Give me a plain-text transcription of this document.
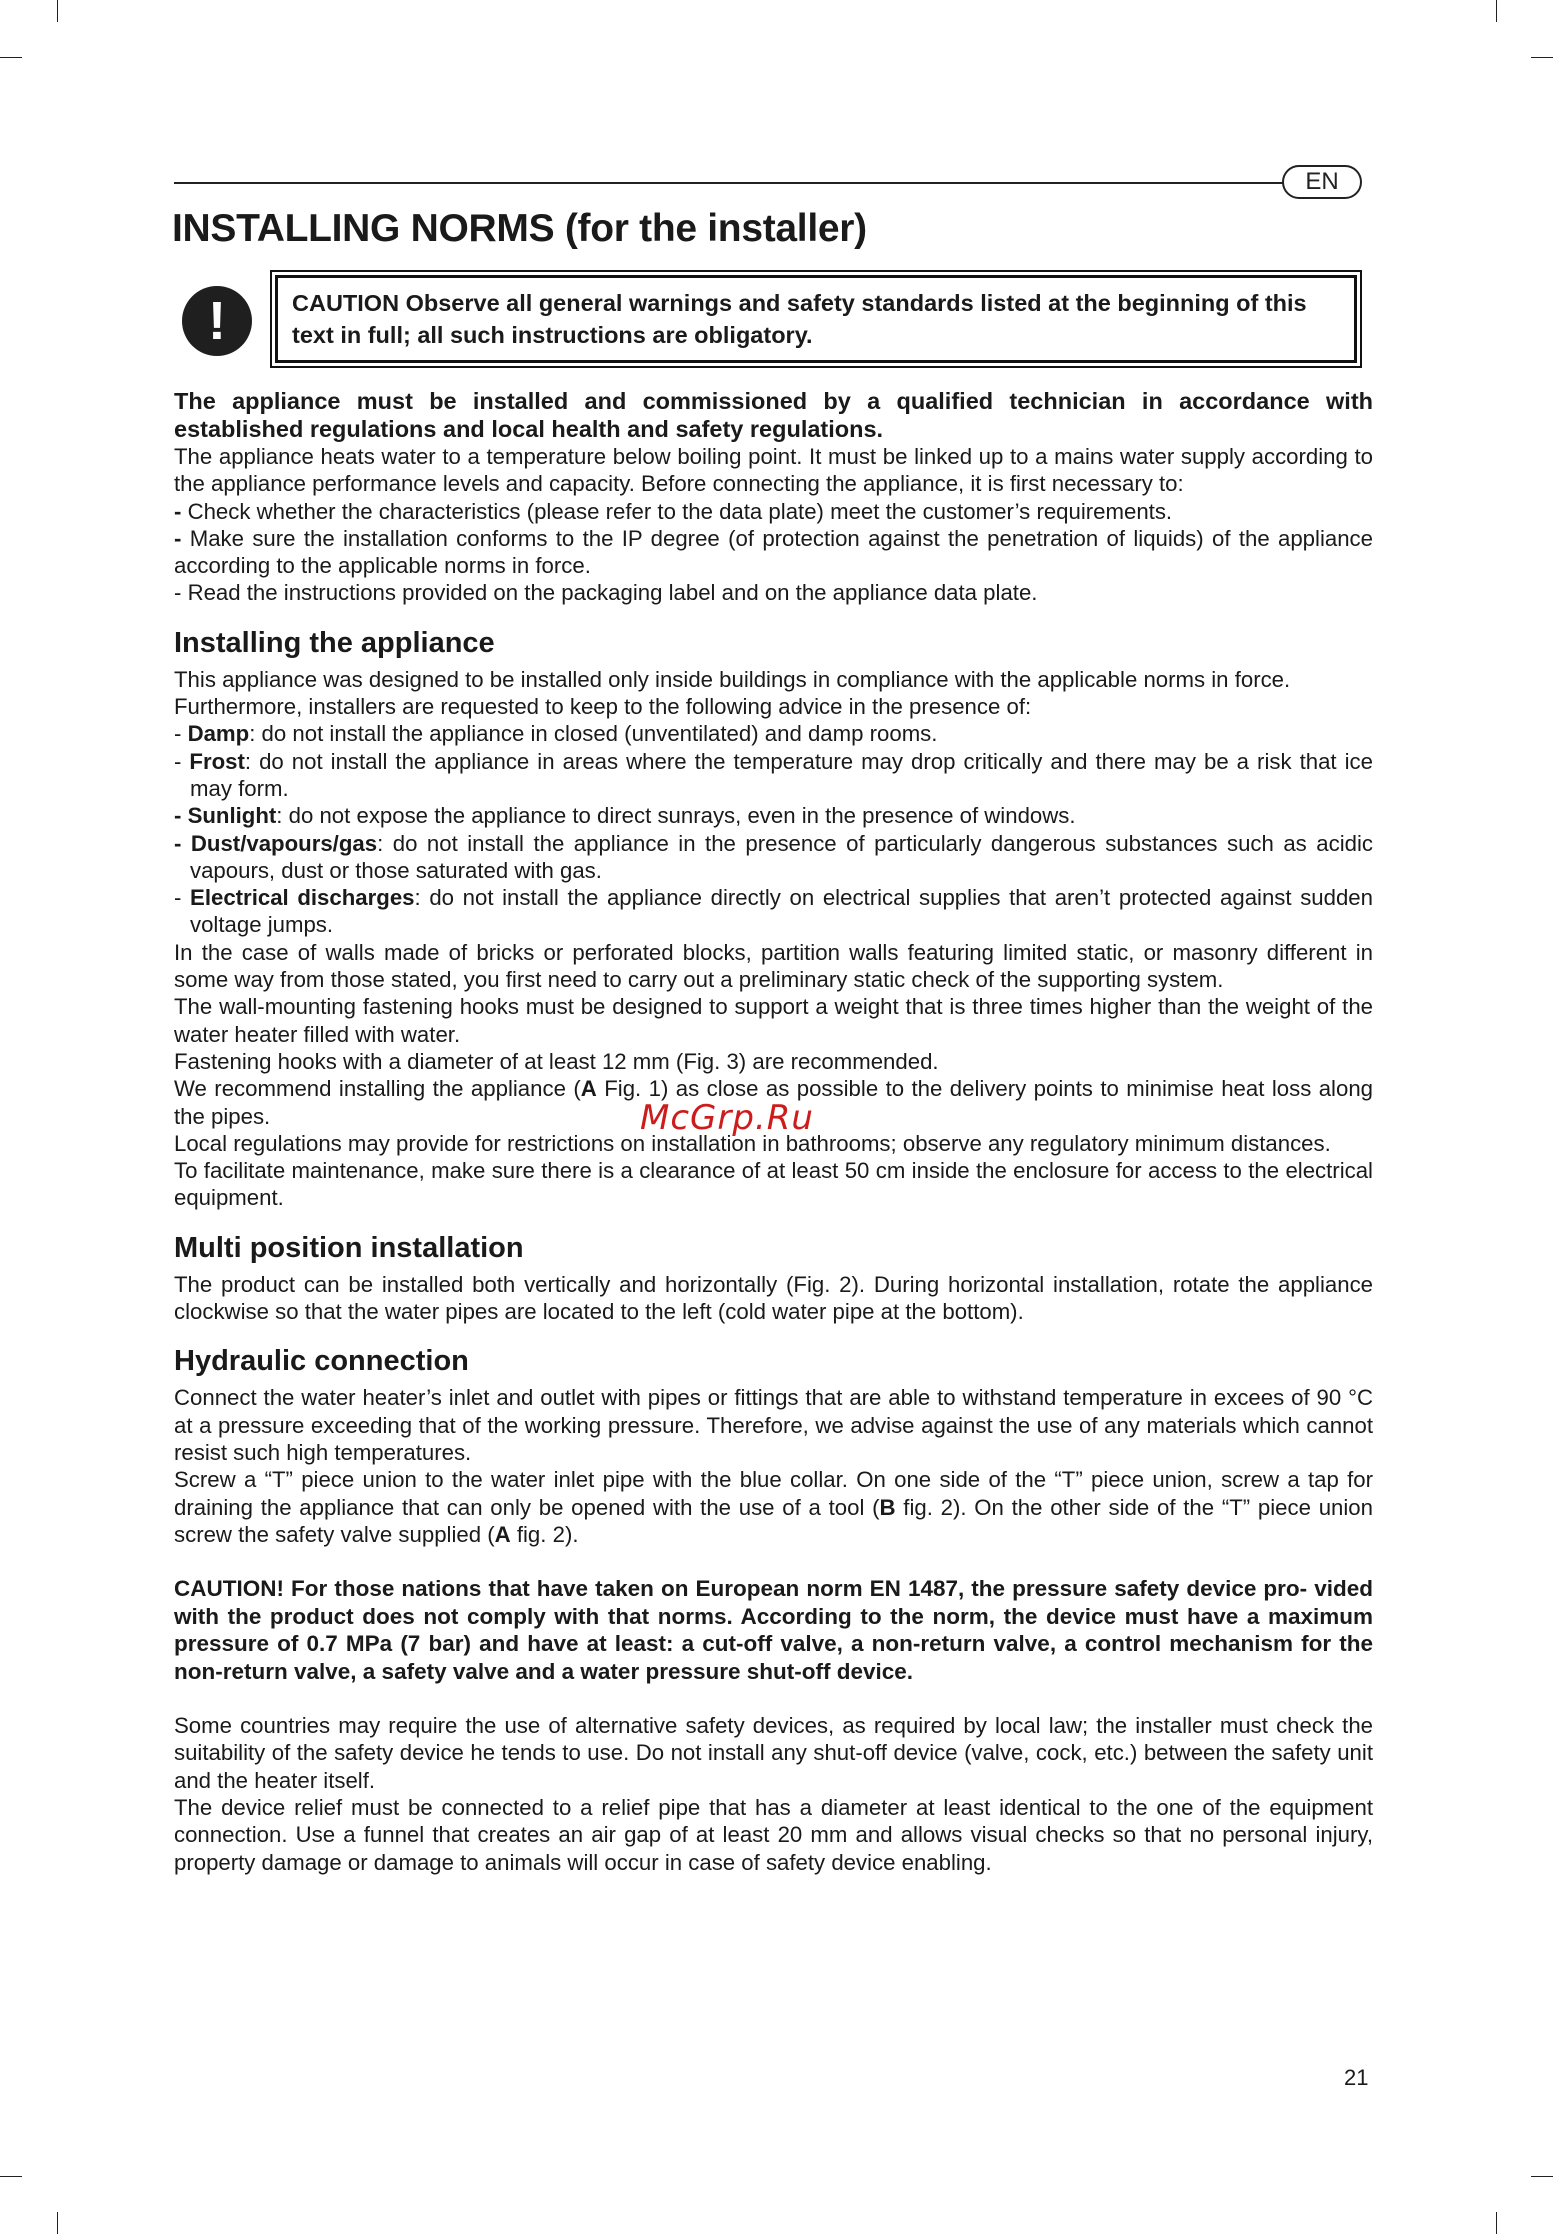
EN
INSTALLING NORMS (for the installer)
!	CAUTION Observe all general warnings and safety standards listed at the beginning of this text in full; all such instructions are obligatory.

The appliance must be installed and commissioned by a qualified technician in accordance with established regulations and local health and safety regulations.

The appliance heats water to a temperature below boiling point. It must be linked up to a mains water supply according to the appliance performance levels and capacity. Before connecting the appliance, it is first necessary to:

- Check whether the characteristics (please refer to the data plate) meet the customer’s requirements.

- Make sure the installation conforms to the IP degree (of protection against the penetration of liquids) of the appliance according to the applicable norms in force.

- Read the instructions provided on the packaging label and on the appliance data plate.

Installing the appliance

This appliance was designed to be installed only inside buildings in compliance with the applicable norms in force.

Furthermore, installers are requested to keep to the following advice in the presence of:

- Damp: do not install the appliance in closed (unventilated) and damp rooms.

- Frost: do not install the appliance in areas where the temperature may drop critically and there may be a risk that ice may form.

- Sunlight: do not expose the appliance to direct sunrays, even in the presence of windows.

- Dust/vapours/gas: do not install the appliance in the presence of particularly dangerous substances such as acidic vapours, dust or those saturated with gas.

- Electrical discharges: do not install the appliance directly on electrical supplies that aren’t protected against sudden voltage jumps.

In the case of walls made of bricks or perforated blocks, partition walls featuring limited static, or masonry different in some way from those stated, you first need to carry out a preliminary static check of the supporting system.

The wall-mounting fastening hooks must be designed to support a weight that is three times higher than the weight of the water heater filled with water.

Fastening hooks with a diameter of at least 12 mm (Fig. 3) are recommended.

We recommend installing the appliance (A Fig. 1) as close as possible to the delivery points to minimise heat loss along the pipes.

Local regulations may provide for restrictions on installation in bathrooms; observe any regulatory minimum distances.

To facilitate maintenance, make sure there is a clearance of at least 50 cm inside the enclosure for access to the electrical equipment.

Multi position installation

The product can be installed both vertically and horizontally (Fig. 2). During horizontal installation, rotate the appliance clockwise so that the water pipes are located to the left (cold water pipe at the bottom).

Hydraulic connection

Connect the water heater’s inlet and outlet with pipes or fittings that are able to withstand temperature in excees of 90 °C at a pressure exceeding that of the working pressure. Therefore, we advise against the use of any materials which cannot resist such high temperatures.

Screw a “T” piece union to the water inlet pipe with the blue collar. On one side of the “T” piece union, screw a tap for draining the appliance that can only be opened with the use of a tool (B fig. 2). On the other side of the “T” piece union screw the safety valve supplied (A fig. 2).

CAUTION! For those nations that have taken on European norm EN 1487, the pressure safety device pro- vided with the product does not comply with that norms. According to the norm, the device must have a maximum pressure of 0.7 MPa (7 bar) and have at least: a cut-off valve, a non-return valve, a control mechanism for the non-return valve, a safety valve and a water pressure shut-off device.

Some countries may require the use of alternative safety devices, as required by local law; the installer must check the suitability of the safety device he tends to use. Do not install any shut-off device (valve, cock, etc.) between the safety unit and the heater itself.

The device relief must be connected to a relief pipe that has a diameter at least identical to the one of the equipment connection. Use a funnel that creates an air gap of at least 20 mm and allows visual checks so that no personal injury, property damage or damage to animals will occur in case of safety device enabling.

McGrp.Ru
21
